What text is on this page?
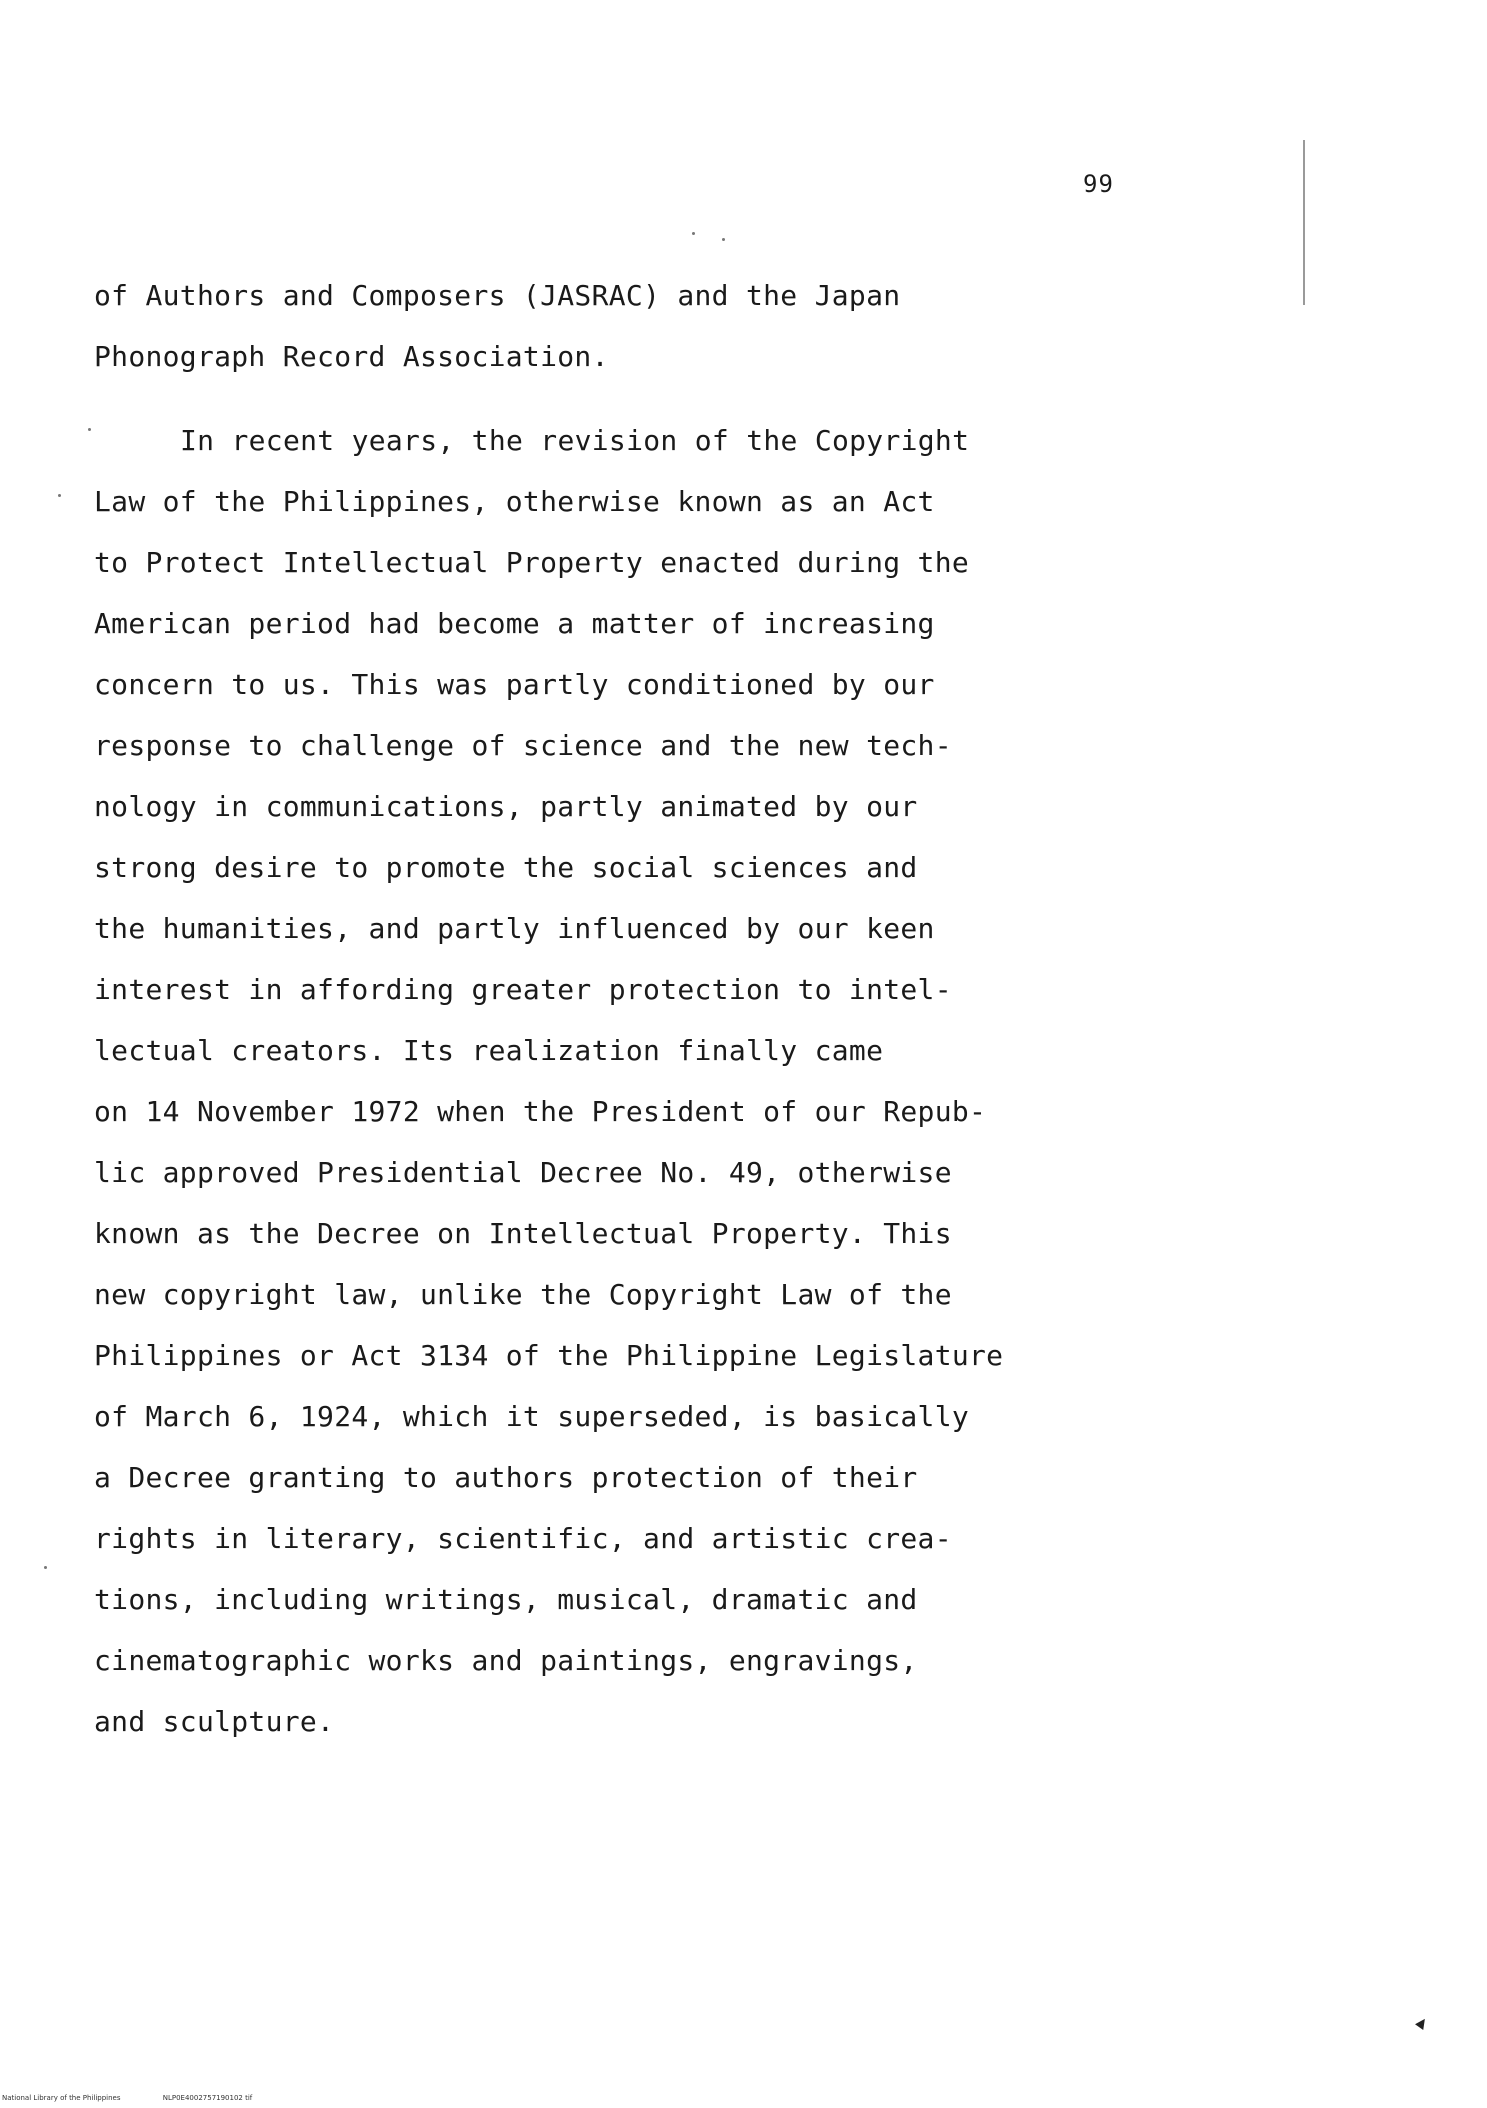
99
of Authors and Composers (JASRAC) and the Japan
Phonograph Record Association.
In recent years, the revision of the Copyright
Law of the Philippines, otherwise known as an Act
to Protect Intellectual Property enacted during the
American period had become a matter of increasing
concern to us. This was partly conditioned by our
response to challenge of science and the new tech-
nology in communications, partly animated by our
strong desire to promote the social sciences and
the humanities, and partly influenced by our keen
interest in affording greater protection to intel-
lectual creators. Its realization finally came
on 14 November 1972 when the President of our Repub-
lic approved Presidential Decree No. 49, otherwise
known as the Decree on Intellectual Property. This
new copyright law, unlike the Copyright Law of the
Philippines or Act 3134 of the Philippine Legislature
of March 6, 1924, which it superseded, is basically
a Decree granting to authors protection of their
rights in literary, scientific, and artistic crea-
tions, including writings, musical, dramatic and
cinematographic works and paintings, engravings,
and sculpture.
National Library of the Philippines	NLP0E4002757190102 tif
